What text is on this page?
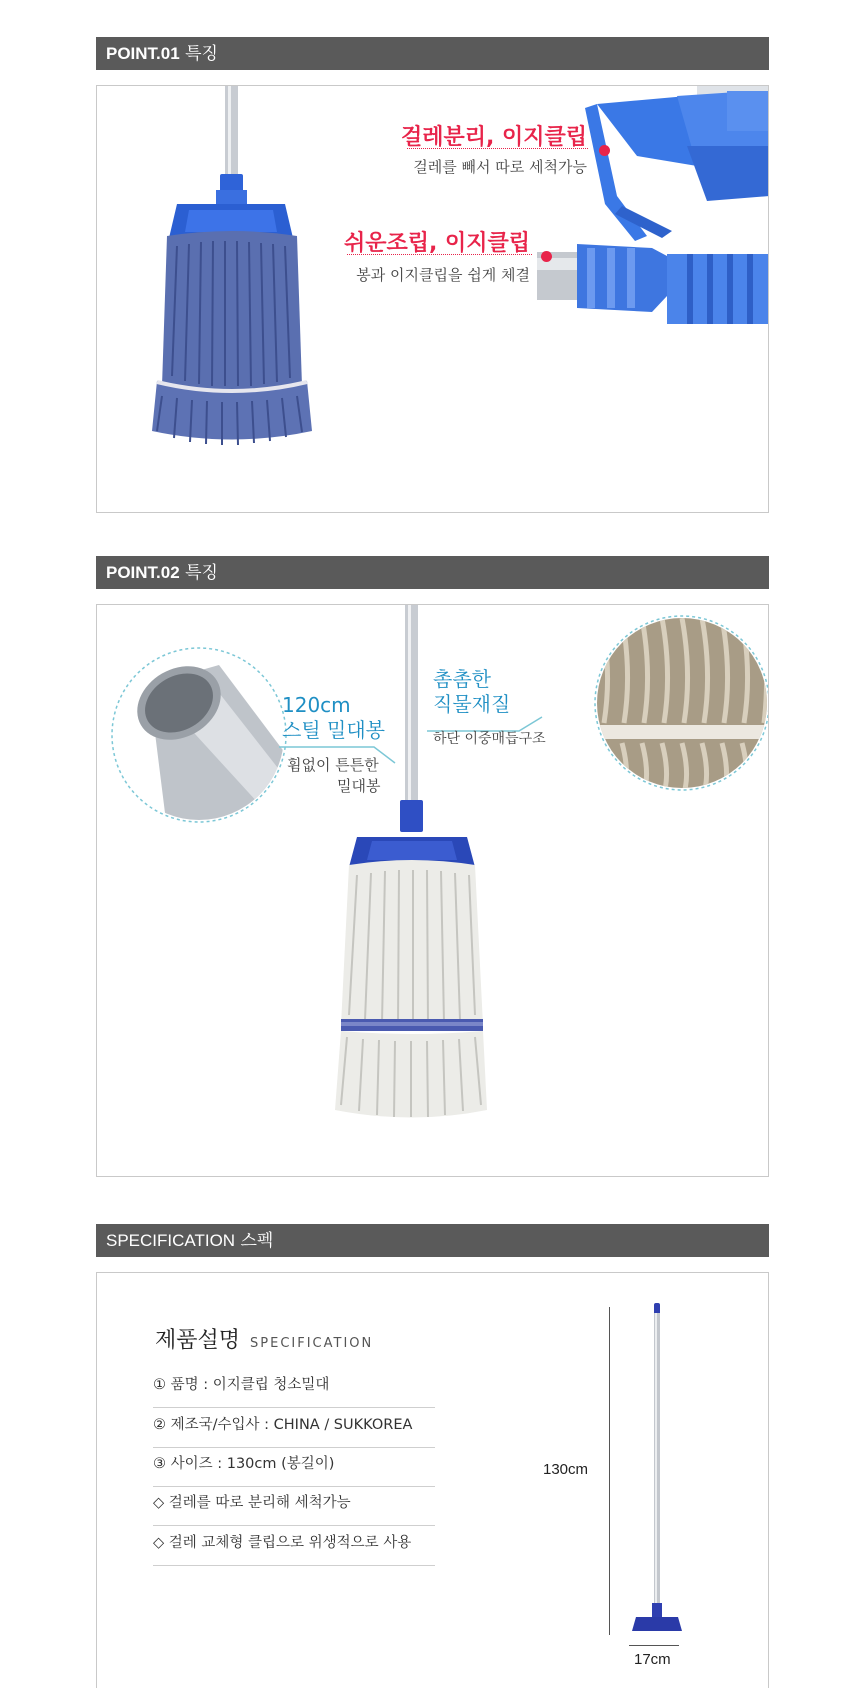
POINT.01 특징
걸레분리, 이지클립
걸레를 빼서 따로 세척가능
쉬운조립, 이지클립
봉과 이지클립을 쉽게 체결
POINT.02 특징
120cm
스틸 밀대봉
휨없이 튼튼한
밀대봉
촘촘한
직물재질
하단 이중매듭구조
SPECIFICATION 스펙
제품설명 SPECIFICATION
① 품명 : 이지클립 청소밀대
② 제조국/수입사 : CHINA / SUKKOREA
③ 사이즈 : 130cm (봉길이)
◇ 걸레를 따로 분리해 세척가능
◇ 걸레 교체형 클립으로 위생적으로 사용
130cm
17cm
